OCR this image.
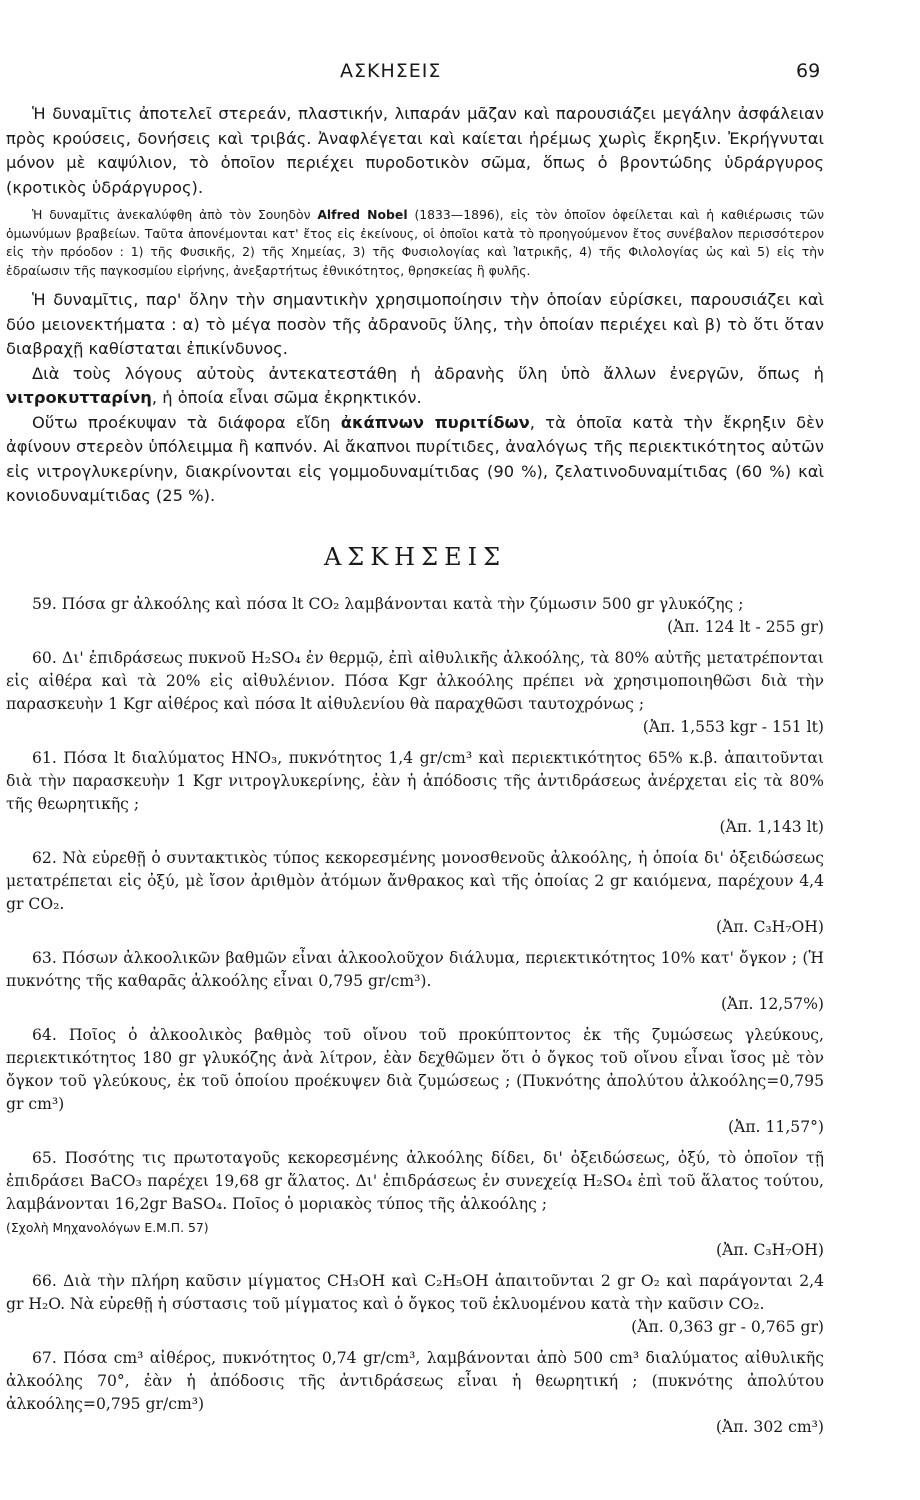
ΑΣΚΗΣΕΙΣ	69

Ἡ δυναμῖτις ἀποτελεῖ στερεάν, πλαστικήν, λιπαράν μᾶζαν καὶ παρουσιάζει μεγάλην ἀσφάλειαν πρὸς κρούσεις, δονήσεις καὶ τριβάς. Ἀναφλέγεται καὶ καίεται ἠρέμως χωρὶς ἔκρηξιν. Ἐκρήγνυται μόνον μὲ καψύλιον, τὸ ὁποῖον περιέχει πυροδοτικὸν σῶμα, ὅπως ὁ βροντώδης ὑδράργυρος (κροτικὸς ὑδράργυρος).

Ἡ δυναμῖτις ἀνεκαλύφθη ἀπὸ τὸν Σουηδὸν Alfred Nobel (1833—1896), εἰς τὸν ὁποῖον ὀφείλεται καὶ ἡ καθιέρωσις τῶν ὁμωνύμων βραβείων. Ταῦτα ἀπονέμονται κατ' ἔτος εἰς ἐκείνους, οἱ ὁποῖοι κατὰ τὸ προηγούμενον ἔτος συνέβαλον περισσότερον εἰς τὴν πρόοδον : 1) τῆς Φυσικῆς, 2) τῆς Χημείας, 3) τῆς Φυσιολογίας καὶ Ἰατρικῆς, 4) τῆς Φιλολογίας ὡς καὶ 5) εἰς τὴν ἑδραίωσιν τῆς παγκοσμίου εἰρήνης, ἀνεξαρτήτως ἐθνικότητος, θρησκείας ἢ φυλῆς.

Ἡ δυναμῖτις, παρ' ὅλην τὴν σημαντικὴν χρησιμοποίησιν τὴν ὁποίαν εὑρίσκει, παρουσιάζει καὶ δύο μειονεκτήματα : α) τὸ μέγα ποσὸν τῆς ἀδρανοῦς ὕλης, τὴν ὁποίαν περιέχει καὶ β) τὸ ὅτι ὅταν διαβραχῇ καθίσταται ἐπικίνδυνος.

Διὰ τοὺς λόγους αὐτοὺς ἀντεκατεστάθη ἡ ἀδρανὴς ὕλη ὑπὸ ἄλλων ἐνεργῶν, ὅπως ἡ νιτροκυτταρίνη, ἡ ὁποία εἶναι σῶμα ἐκρηκτικόν.

Οὕτω προέκυψαν τὰ διάφορα εἴδη ἀκάπνων πυριτίδων, τὰ ὁποῖα κατὰ τὴν ἔκρηξιν δὲν ἀφίνουν στερεὸν ὑπόλειμμα ἢ καπνόν. Αἱ ἄκαπνοι πυρίτιδες, ἀναλόγως τῆς περιεκτικότητος αὐτῶν εἰς νιτρογλυκερίνην, διακρίνονται εἰς γομμοδυναμίτιδας (90 %), ζελατινοδυναμίτιδας (60 %) καὶ κονιοδυναμίτιδας (25 %).

ΑΣΚΗΣΕΙΣ

59. Πόσα gr ἀλκοόλης καὶ πόσα lt CO₂ λαμβάνονται κατὰ τὴν ζύμωσιν 500 gr γλυκόζης ;

(Ἀπ. 124 lt - 255 gr)

60. Δι' ἐπιδράσεως πυκνοῦ H₂SO₄ ἐν θερμῷ, ἐπὶ αἰθυλικῆς ἀλκοόλης, τὰ 80% αὐτῆς μετατρέπονται εἰς αἰθέρα καὶ τὰ 20% εἰς αἰθυλένιον. Πόσα Kgr ἀλκοόλης πρέπει νὰ χρησιμοποιηθῶσι διὰ τὴν παρασκευὴν 1 Kgr αἰθέρος καὶ πόσα lt αἰθυλενίου θὰ παραχθῶσι ταυτοχρόνως ;

(Ἀπ. 1,553 kgr - 151 lt)

61. Πόσα lt διαλύματος HNO₃, πυκνότητος 1,4 gr/cm³ καὶ περιεκτικότητος 65% κ.β. ἀπαιτοῦνται διὰ τὴν παρασκευὴν 1 Kgr νιτρογλυκερίνης, ἐὰν ἡ ἀπόδοσις τῆς ἀντιδράσεως ἀνέρχεται εἰς τὰ 80% τῆς θεωρητικῆς ;

(Ἀπ. 1,143 lt)

62. Νὰ εὑρεθῇ ὁ συντακτικὸς τύπος κεκορεσμένης μονοσθενοῦς ἀλκοόλης, ἡ ὁποία δι' ὀξειδώσεως μετατρέπεται εἰς ὀξύ, μὲ ἴσον ἀριθμὸν ἀτόμων ἄνθρακος καὶ τῆς ὁποίας 2 gr καιόμενα, παρέχουν 4,4 gr CO₂.

(Ἀπ. C₃H₇OH)

63. Πόσων ἀλκοολικῶν βαθμῶν εἶναι ἀλκοολοῦχον διάλυμα, περιεκτικότητος 10% κατ' ὄγκον ; (Ἡ πυκνότης τῆς καθαρᾶς ἀλκοόλης εἶναι 0,795 gr/cm³).

(Ἀπ. 12,57%)

64. Ποῖος ὁ ἀλκοολικὸς βαθμὸς τοῦ οἴνου τοῦ προκύπτοντος ἐκ τῆς ζυμώσεως γλεύκους, περιεκτικότητος 180 gr γλυκόζης ἀνὰ λίτρον, ἐὰν δεχθῶμεν ὅτι ὁ ὄγκος τοῦ οἴνου εἶναι ἴσος μὲ τὸν ὄγκον τοῦ γλεύκους, ἐκ τοῦ ὁποίου προέκυψεν διὰ ζυμώσεως ; (Πυκνότης ἀπολύτου ἀλκοόλης=0,795 gr cm³)

(Ἀπ. 11,57°)

65. Ποσότης τις πρωτοταγοῦς κεκορεσμένης ἀλκοόλης δίδει, δι' ὀξειδώσεως, ὀξύ, τὸ ὁποῖον τῇ ἐπιδράσει BaCO₃ παρέχει 19,68 gr ἅλατος. Δι' ἐπιδράσεως ἐν συνεχείᾳ H₂SO₄ ἐπὶ τοῦ ἅλατος τούτου, λαμβάνονται 16,2gr BaSO₄. Ποῖος ὁ μοριακὸς τύπος τῆς ἀλκοόλης ;

(Σχολὴ Μηχανολόγων Ε.Μ.Π. 57)

(Ἀπ. C₃H₇OH)

66. Διὰ τὴν πλήρη καῦσιν μίγματος CH₃OH καὶ C₂H₅OH ἀπαιτοῦνται 2 gr O₂ καὶ παράγονται 2,4 gr H₂O. Νὰ εὑρεθῇ ἡ σύστασις τοῦ μίγματος καὶ ὁ ὄγκος τοῦ ἐκλυομένου κατὰ τὴν καῦσιν CO₂.

(Ἀπ. 0,363 gr - 0,765 gr)

67. Πόσα cm³ αἰθέρος, πυκνότητος 0,74 gr/cm³, λαμβάνονται ἀπὸ 500 cm³ διαλύματος αἰθυλικῆς ἀλκοόλης 70°, ἐὰν ἡ ἀπόδοσις τῆς ἀντιδράσεως εἶναι ἡ θεωρητική ; (πυκνότης ἀπολύτου ἀλκοόλης=0,795 gr/cm³)

(Ἀπ. 302 cm³)
